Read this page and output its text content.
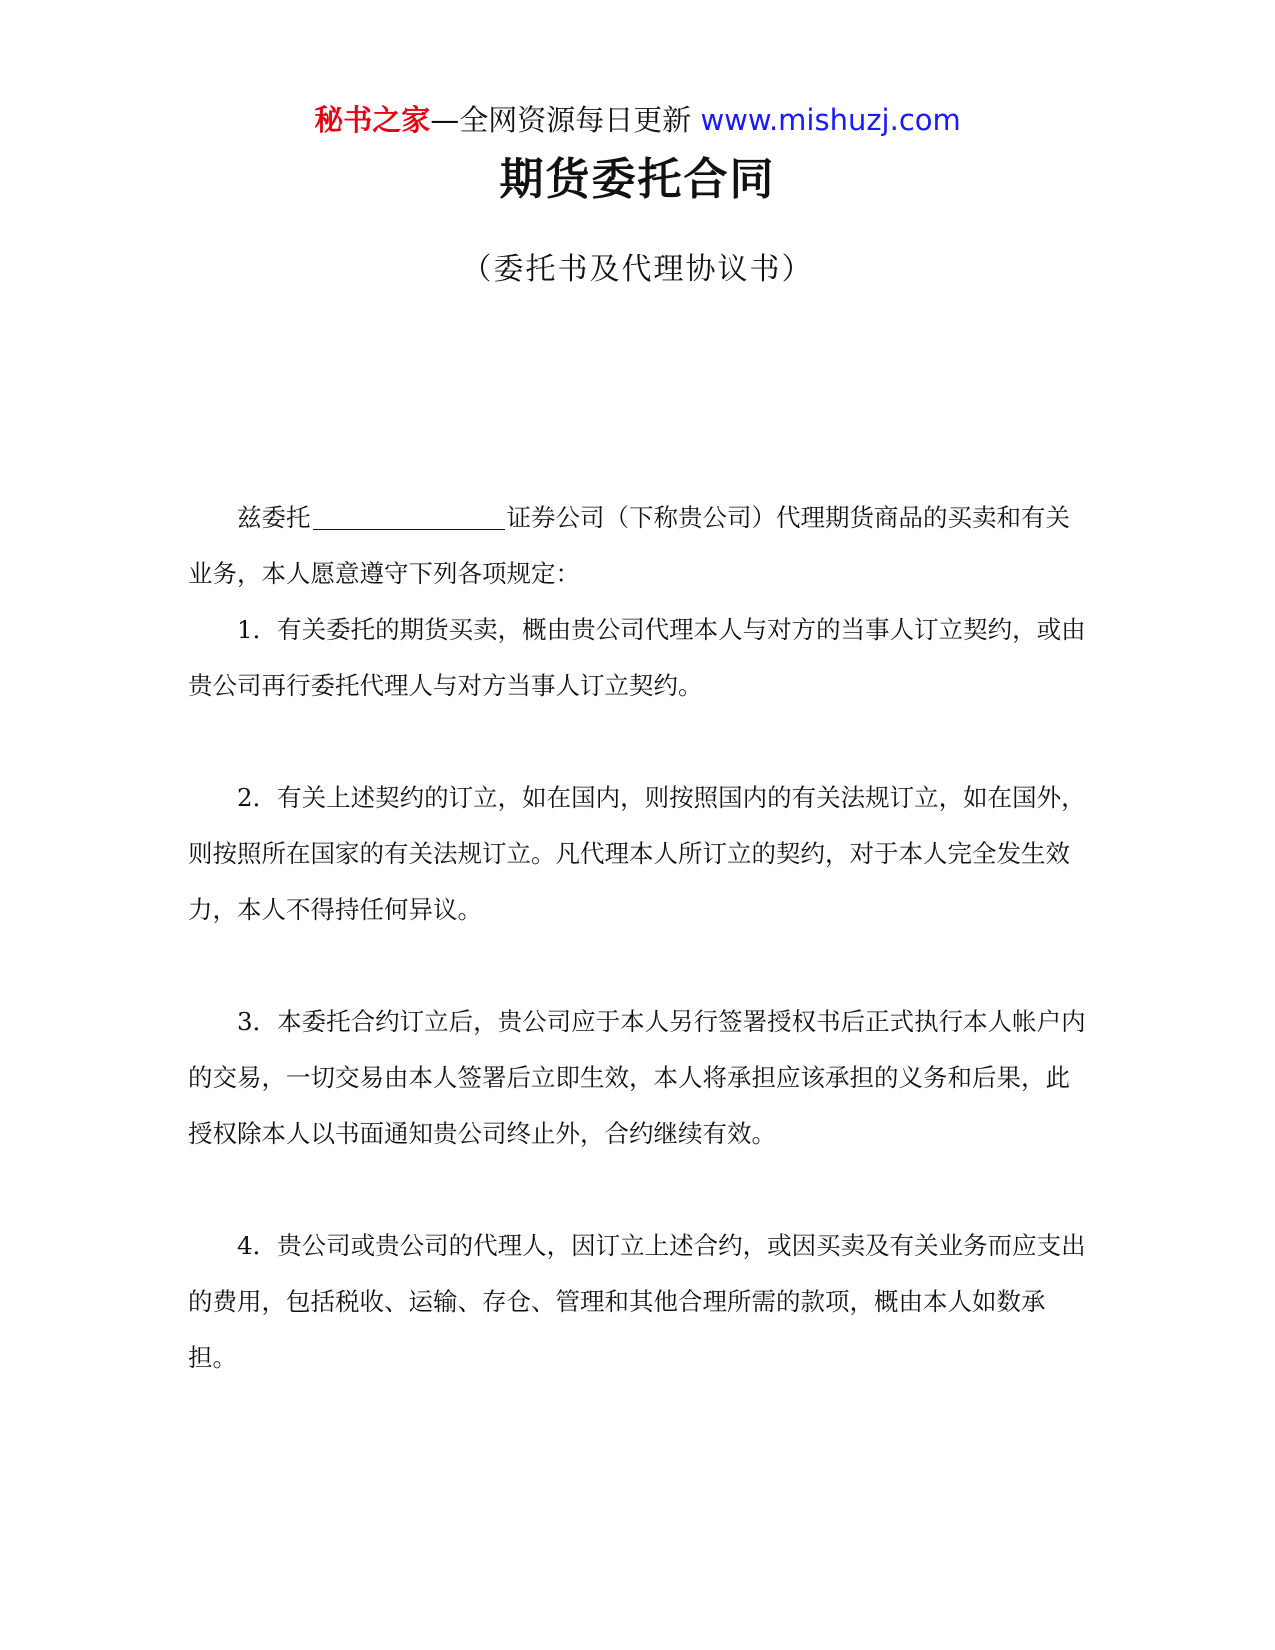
秘书之家—全网资源每日更新 www.mishuzj.com
期货委托合同
（委托书及代理协议书）

兹委托	证券公司（下称贵公司）代理期货商品的买卖和有关业务，本人愿意遵守下列各项规定：

1．有关委托的期货买卖，概由贵公司代理本人与对方的当事人订立契约，或由贵公司再行委托代理人与对方当事人订立契约。

2．有关上述契约的订立，如在国内，则按照国内的有关法规订立，如在国外，则按照所在国家的有关法规订立。凡代理本人所订立的契约，对于本人完全发生效力，本人不得持任何异议。

3．本委托合约订立后，贵公司应于本人另行签署授权书后正式执行本人帐户内的交易，一切交易由本人签署后立即生效，本人将承担应该承担的义务和后果，此授权除本人以书面通知贵公司终止外，合约继续有效。

4．贵公司或贵公司的代理人，因订立上述合约，或因买卖及有关业务而应支出的费用，包括税收、运输、存仓、管理和其他合理所需的款项，概由本人如数承担。
